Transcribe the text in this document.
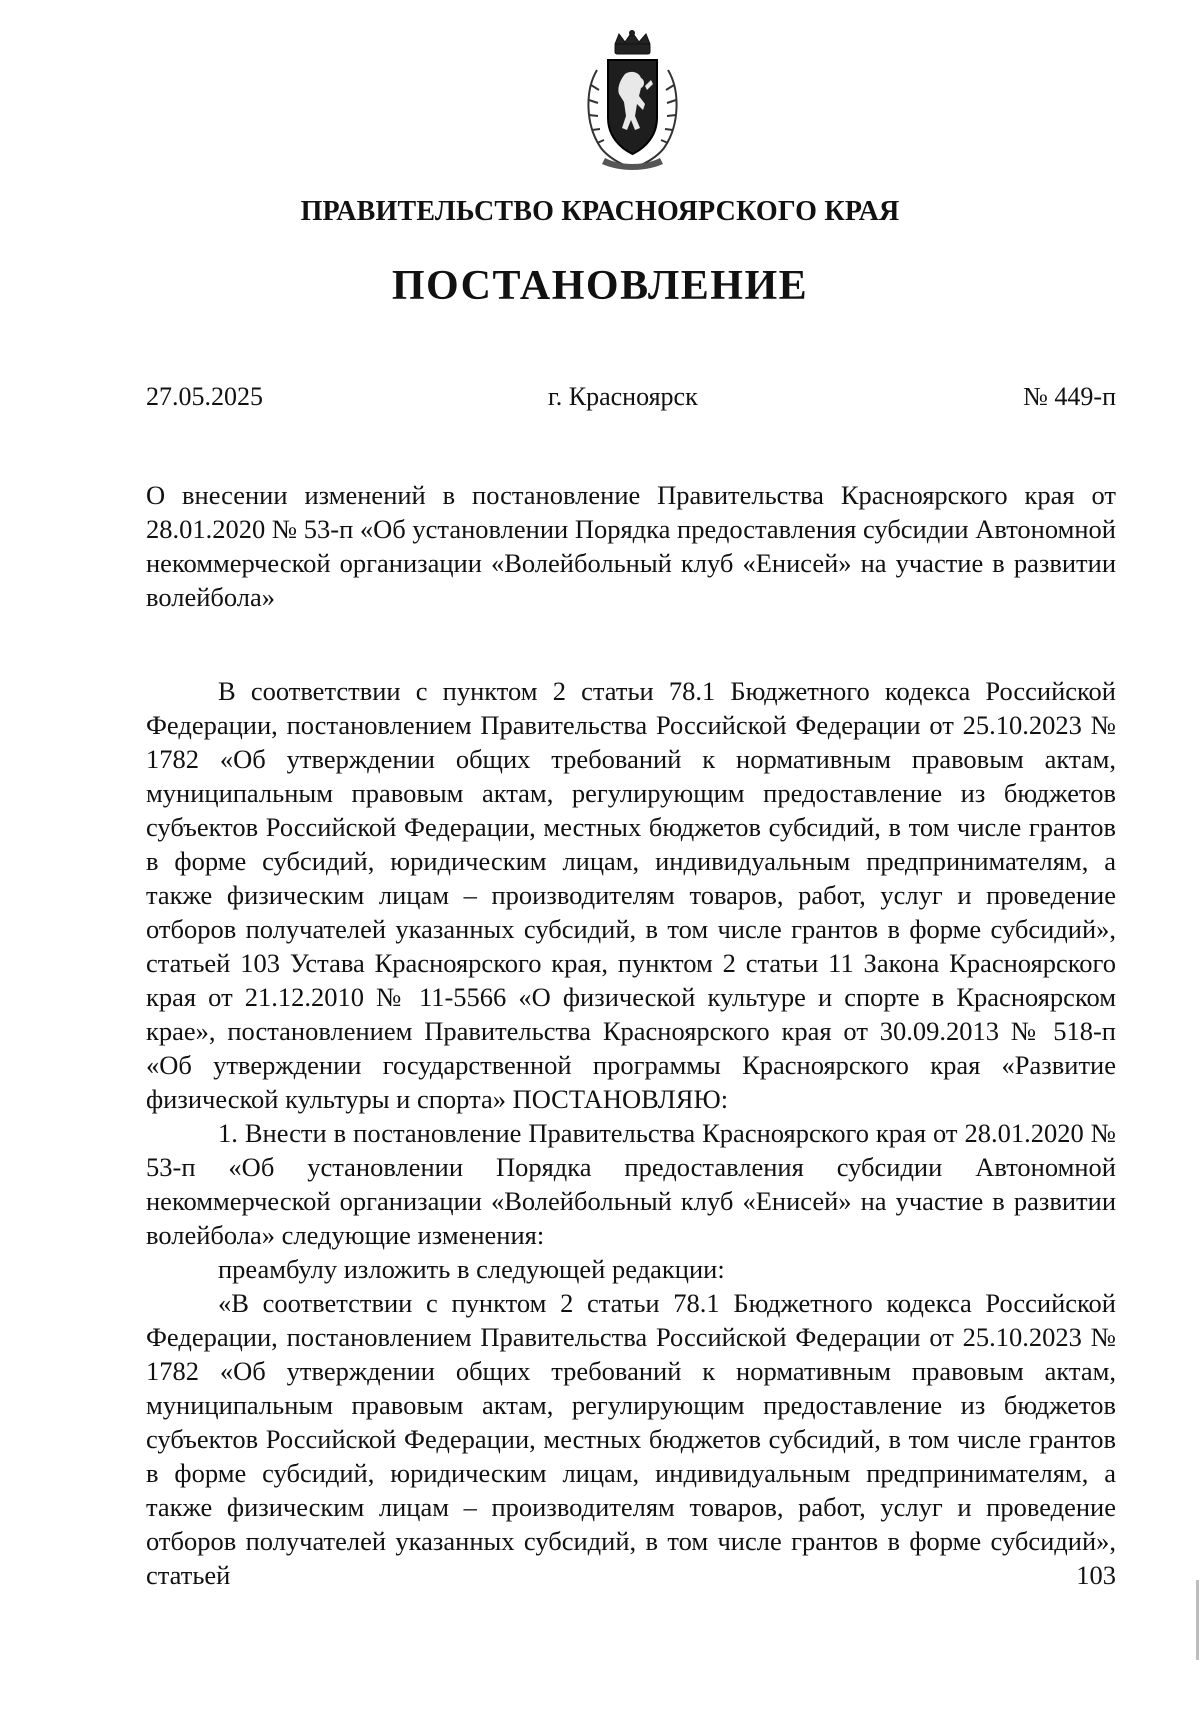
ПРАВИТЕЛЬСТВО КРАСНОЯРСКОГО КРАЯ
ПОСТАНОВЛЕНИЕ
27.05.2025	г. Красноярск	№ 449-п

О внесении изменений в постановление Правительства Красноярского края от 28.01.2020 № 53-п «Об установлении Порядка предоставления субсидии Автономной некоммерческой организации «Волейбольный клуб «Енисей» на участие в развитии волейбола»

В соответствии с пунктом 2 статьи 78.1 Бюджетного кодекса Российской Федерации, постановлением Правительства Российской Федерации от 25.10.2023 № 1782 «Об утверждении общих требований к нормативным правовым актам, муниципальным правовым актам, регулирующим предоставление из бюджетов субъектов Российской Федерации, местных бюджетов субсидий, в том числе грантов в форме субсидий, юридическим лицам, индивидуальным предпринимателям, а также физическим лицам – производителям товаров, работ, услуг и проведение отборов получателей указанных субсидий, в том числе грантов в форме субсидий», статьей 103 Устава Красноярского края, пунктом 2 статьи 11 Закона Красноярского края от 21.12.2010 № 11-5566 «О физической культуре и спорте в Красноярском крае», постановлением Правительства Красноярского края от 30.09.2013 № 518-п «Об утверждении государственной программы Красноярского края «Развитие физической культуры и спорта» ПОСТАНОВЛЯЮ:

1. Внести в постановление Правительства Красноярского края от 28.01.2020 № 53-п «Об установлении Порядка предоставления субсидии Автономной некоммерческой организации «Волейбольный клуб «Енисей» на участие в развитии волейбола» следующие изменения:

преамбулу изложить в следующей редакции:

«В соответствии с пунктом 2 статьи 78.1 Бюджетного кодекса Российской Федерации, постановлением Правительства Российской Федерации от 25.10.2023 № 1782 «Об утверждении общих требований к нормативным правовым актам, муниципальным правовым актам, регулирующим предоставление из бюджетов субъектов Российской Федерации, местных бюджетов субсидий, в том числе грантов в форме субсидий, юридическим лицам, индивидуальным предпринимателям, а также физическим лицам – производителям товаров, работ, услуг и проведение отборов получателей указанных субсидий, в том числе грантов в форме субсидий», статьей 103
